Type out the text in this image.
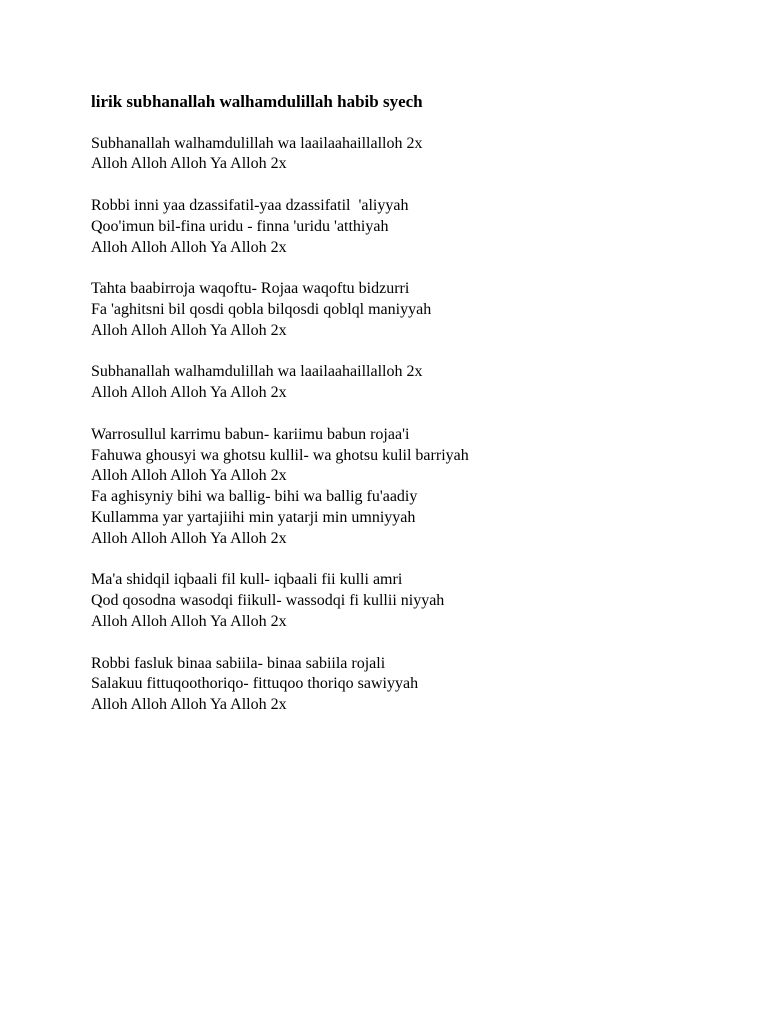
lirik subhanallah walhamdulillah habib syech

Subhanallah walhamdulillah wa laailaahaillalloh 2x
Alloh Alloh Alloh Ya Alloh 2x

Robbi inni yaa dzassifatil-yaa dzassifatil  'aliyyah
Qoo'imun bil-fina uridu - finna 'uridu 'atthiyah
Alloh Alloh Alloh Ya Alloh 2x

Tahta baabirroja waqoftu- Rojaa waqoftu bidzurri
Fa 'aghitsni bil qosdi qobla bilqosdi qoblql maniyyah
Alloh Alloh Alloh Ya Alloh 2x

Subhanallah walhamdulillah wa laailaahaillalloh 2x
Alloh Alloh Alloh Ya Alloh 2x

Warrosullul karrimu babun- kariimu babun rojaa'i
Fahuwa ghousyi wa ghotsu kullil- wa ghotsu kulil barriyah
Alloh Alloh Alloh Ya Alloh 2x
Fa aghisyniy bihi wa ballig- bihi wa ballig fu'aadiy
Kullamma yar yartajiihi min yatarji min umniyyah
Alloh Alloh Alloh Ya Alloh 2x

Ma'a shidqil iqbaali fil kull- iqbaali fii kulli amri
Qod qosodna wasodqi fiikull- wassodqi fi kullii niyyah
Alloh Alloh Alloh Ya Alloh 2x

Robbi fasluk binaa sabiila- binaa sabiila rojali
Salakuu fittuqoothoriqo- fittuqoo thoriqo sawiyyah
Alloh Alloh Alloh Ya Alloh 2x
